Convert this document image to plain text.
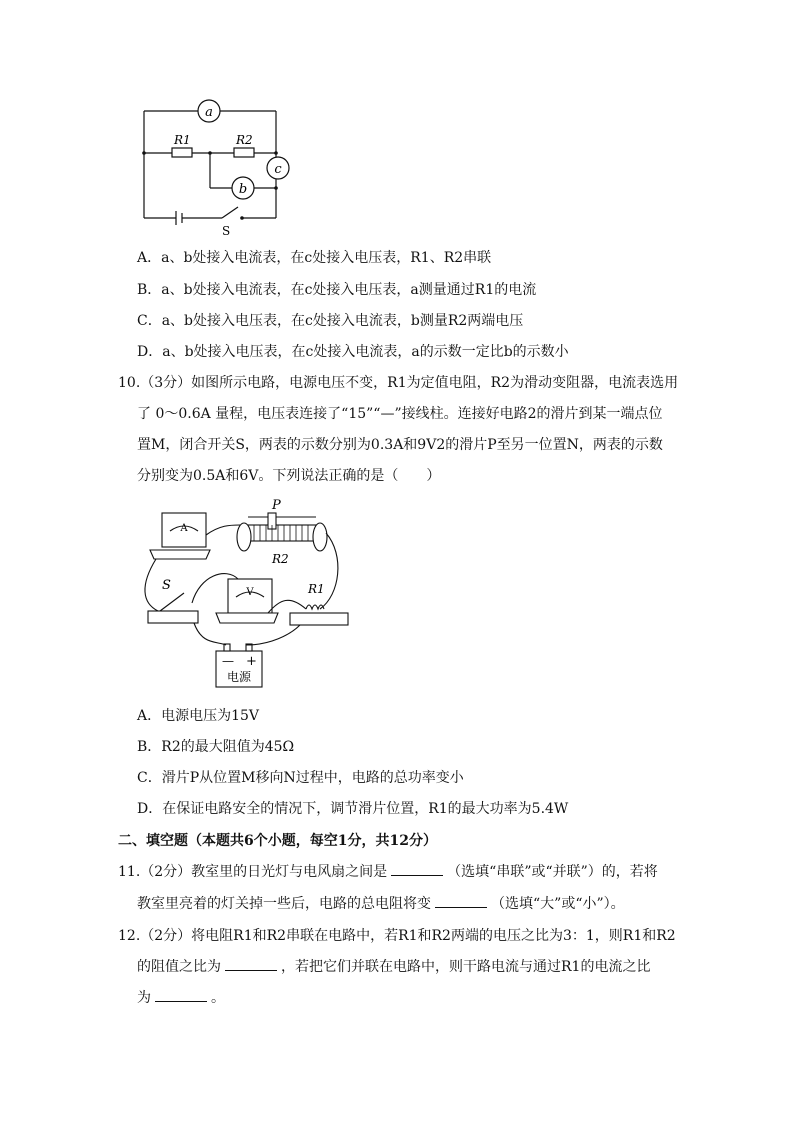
a
b
c
R1	R2
S
A．a、b处接入电流表，在c处接入电压表，R1、R2串联
B．a、b处接入电流表，在c处接入电压表，a测量通过R1的电流
C．a、b处接入电压表，在c处接入电流表，b测量R2两端电压
D．a、b处接入电压表，在c处接入电流表，a的示数一定比b的示数小
10.（3分）如图所示电路，电源电压不变，R1为定值电阻，R2为滑动变阻器，电流表选用
了 0～0.6A 量程，电压表连接了“15”“—”接线柱。连接好电路2的滑片到某一端点位
置M，闭合开关S，两表的示数分别为0.3A和9V2的滑片P至另一位置N，两表的示数
分别变为0.5A和6V。下列说法正确的是（　　）
A
V
P
R2
S	R1
— +
电源
A．电源电压为15V
B．R2的最大阻值为45Ω
C．滑片P从位置M移向N过程中，电路的总功率变小
D．在保证电路安全的情况下，调节滑片位置，R1的最大功率为5.4W
二、填空题（本题共6个小题，每空1分，共12分）
11.（2分）教室里的日光灯与电风扇之间是	（选填“串联”或“并联”）的，若将
教室里亮着的灯关掉一些后，电路的总电阻将变	（选填“大”或“小”）。
12.（2分）将电阻R1和R2串联在电路中，若R1和R2两端的电压之比为3：1，则R1和R2
的阻值之比为	，若把它们并联在电路中，则干路电流与通过R1的电流之比
为	。
